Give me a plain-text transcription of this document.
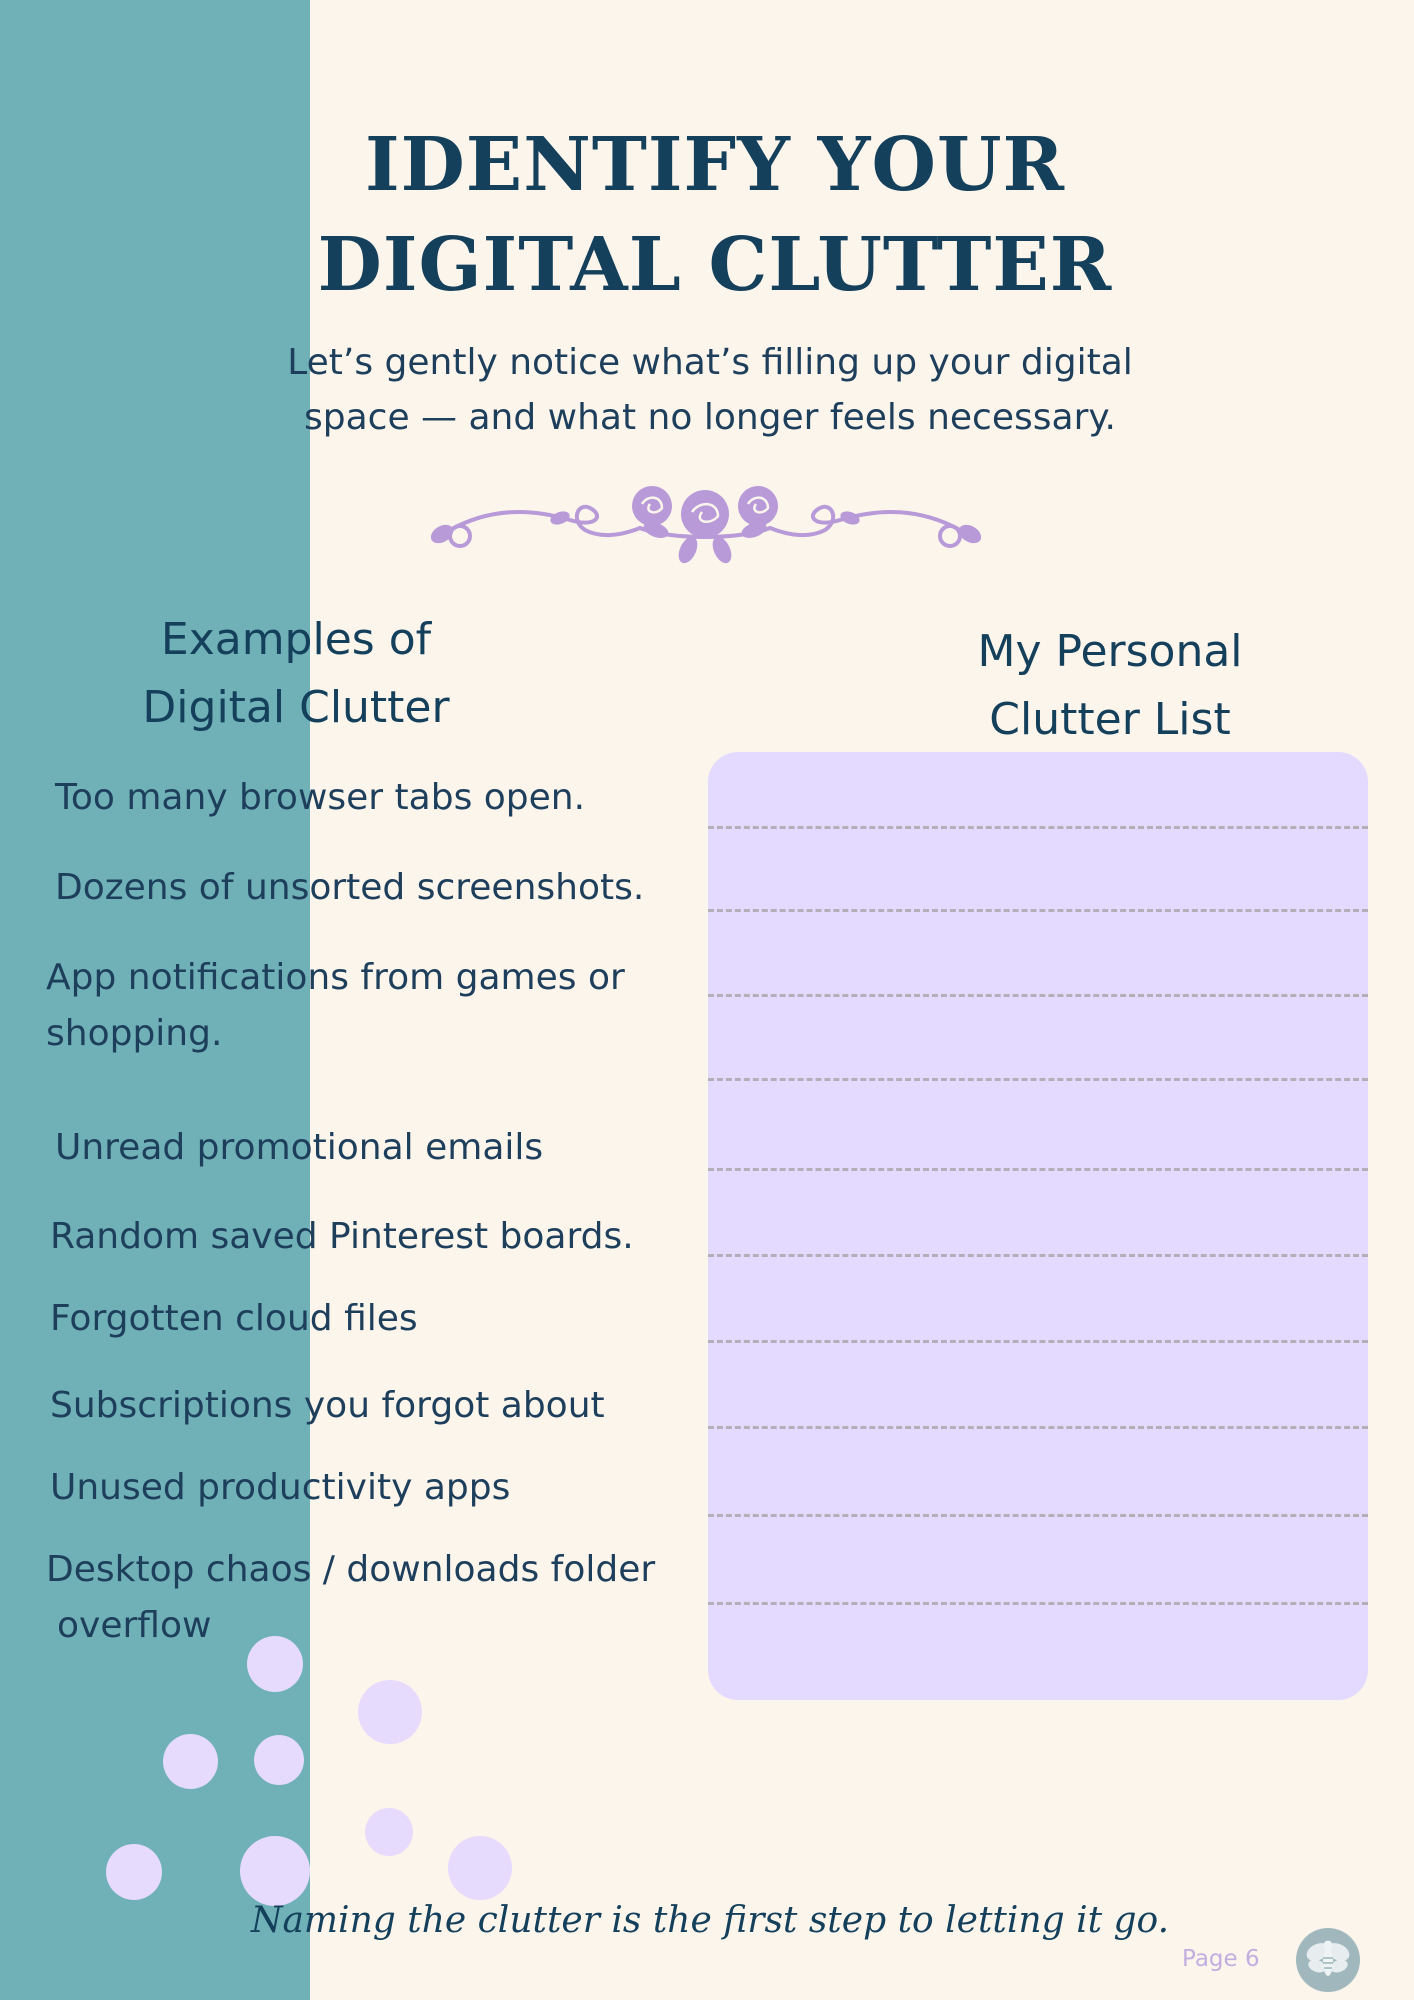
IDENTIFY YOUR
DIGITAL CLUTTER
Let’s gently notice what’s filling up your digital
space — and what no longer feels necessary.
Examples of
Digital Clutter
My Personal
Clutter List
Too many browser tabs open.
Dozens of unsorted screenshots.
App notifications from games or
shopping.
Unread promotional emails
Random saved Pinterest boards.
Forgotten cloud files
Subscriptions you forgot about
Unused productivity apps
Desktop chaos / downloads folder
overflow
Naming the clutter is the first step to letting it go.
Page 6
